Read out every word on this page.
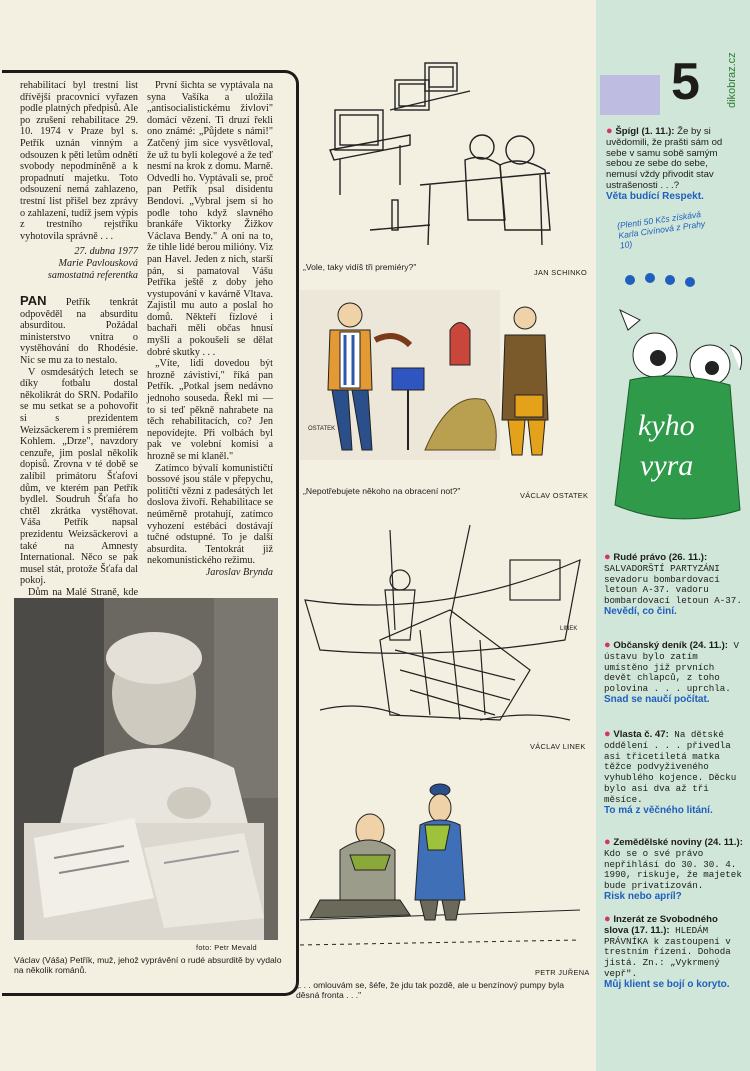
rehabilitací byl trestní list dřívější pracovnicí vyřazen podle platných předpisů. Ale po zrušení rehabilitace 29. 10. 1974 v Praze byl s. Petřík uznán vinným a odsouzen k pěti letům odnětí svobody nepodmíněně a k propadnutí majetku. Toto odsouzení nemá zahlazeno, trestní list přišel bez zprávy o zahlazení, tudíž jsem výpis z trestního rejstříku vyhotovila správně . . .

27. dubna 1977

Marie Pavlousková samostatná referentka

PAN Petřík tenkrát odpověděl na absurditu absurditou. Požádal ministerstvo vnitra o vystěhování do Rhodésie. Nic se mu za to nestalo.

V osmdesátých letech se díky fotbalu dostal několikrát do SRN. Podařilo se mu setkat se a pohovořit si s prezidentem Weizsäckerem i s premiérem Kohlem. „Drze", navzdory cenzuře, jim poslal několik dopisů. Zrovna v té době se zalíbil primátoru Šťafovi dům, ve kterém pan Petřík bydlel. Soudruh Šťafa ho chtěl zkrátka vystěhovat. Váša Petřík napsal prezidentu Weizsäckerovi a také na Amnesty International. Něco se pak musel stát, protože Šťafa dal pokoj.

Dům na Malé Straně, kde

První šichta se vyptávala na syna Vašíka a uložila „antisocialistickému živlovi" domácí vězení. Ti druzí řekli ono známé: „Půjdete s námi!" Zatčený jim sice vysvětloval, že už tu byli kolegové a že teď nesmí na krok z domu. Marně. Odvedli ho. Vyptávali se, proč pan Petřík psal disidentu Bendovi. „Vybral jsem si ho podle toho když slavného brankáře Viktorky Žižkov Václava Bendy." A oni na to, že tihle lidé berou milióny. Viz pan Havel. Jeden z nich, starší pán, si pamatoval Vášu Petříka ještě z doby jeho vystupování v kavárně Vltava. Zajistil mu auto a poslal ho domů. Někteří fízlové i bachaři měli občas hnusí myšli a pokoušeli se dělat dobré skutky . . .

„Víte, lidi dovedou být hrozně závistiví," říká pan Petřík. „Potkal jsem nedávno jednoho souseda. Řekl mi — to si teď pěkně nahrabete na těch rehabilitacích, co? Jen nepovídejte. Při volbách byl pak ve volební komisi a hrozně se mi klaněl."

Zatímco bývalí komunističtí bossové jsou stále v přepychu, političtí vězni z padesátých let doslova živoří. Rehabilitace se neúměrně protahují, zatímco vyhození estébáci dostávají tučné odstupné. To je další absurdita. Tentokrát již nekomunistického režimu.

Jaroslav Brynda

foto: Petr Mevald
Václav (Váša) Petřík, muž, jehož vyprávění o rudé absurditě by vydalo na několik románů.
„Vole, taky vidíš tři premiéry?"
JAN SCHINKO
OSTATEK
„Nepotřebujete někoho na obracení not?"	VÁCLAV OSTATEK
LINEK
VÁCLAV LINEK
PETR JUŘENA
„. . . omlouvám se, šéfe, že jdu tak pozdě, ale u benzínový pumpy byla děsná fronta . . ."
5 dikobraz.cz
● Špígl (1. 11.): Že by si uvědomili, že prašti sám od sebe v samu sobě samým sebou ze sebe do sebe, nemusí vždy přivodit stav ustrašenosti . . .?
Věta budící Respekt.
(Plenti 50 Kčs získává Karla Civínová z Prahy 10)
kyho
vyra
● Rudé právo (26. 11.):
SALVADORŠTÍ PARTYZÁNI sevadoru bombardovací letoun A-37. vadoru bombardovací letoun A-37.
Nevědí, co činí.
● Občanský deník (24. 11.): V ústavu bylo zatím umístěno již prvních devět chlapců, z toho polovina . . . uprchla.
Snad se naučí počítat.
● Vlasta č. 47: Na dětské oddělení . . . přivedla asi třicetiletá matka těžce podvyživeného vyhublého kojence. Děcku bylo asi dva až tři měsíce.
To má z věčného litání.
● Zemědělské noviny (24. 11.): Kdo se o své právo nepřihlásí do 30. 30. 4. 1990, riskuje, že majetek bude privatizován.
Risk nebo apríl?
● Inzerát ze Svobodného slova (17. 11.): HLEDÁM PRÁVNÍKA k zastoupení v trestním řízení. Dohoda jistá. Zn.: „Vykrmený vepř".
Můj klient se bojí o koryto.
